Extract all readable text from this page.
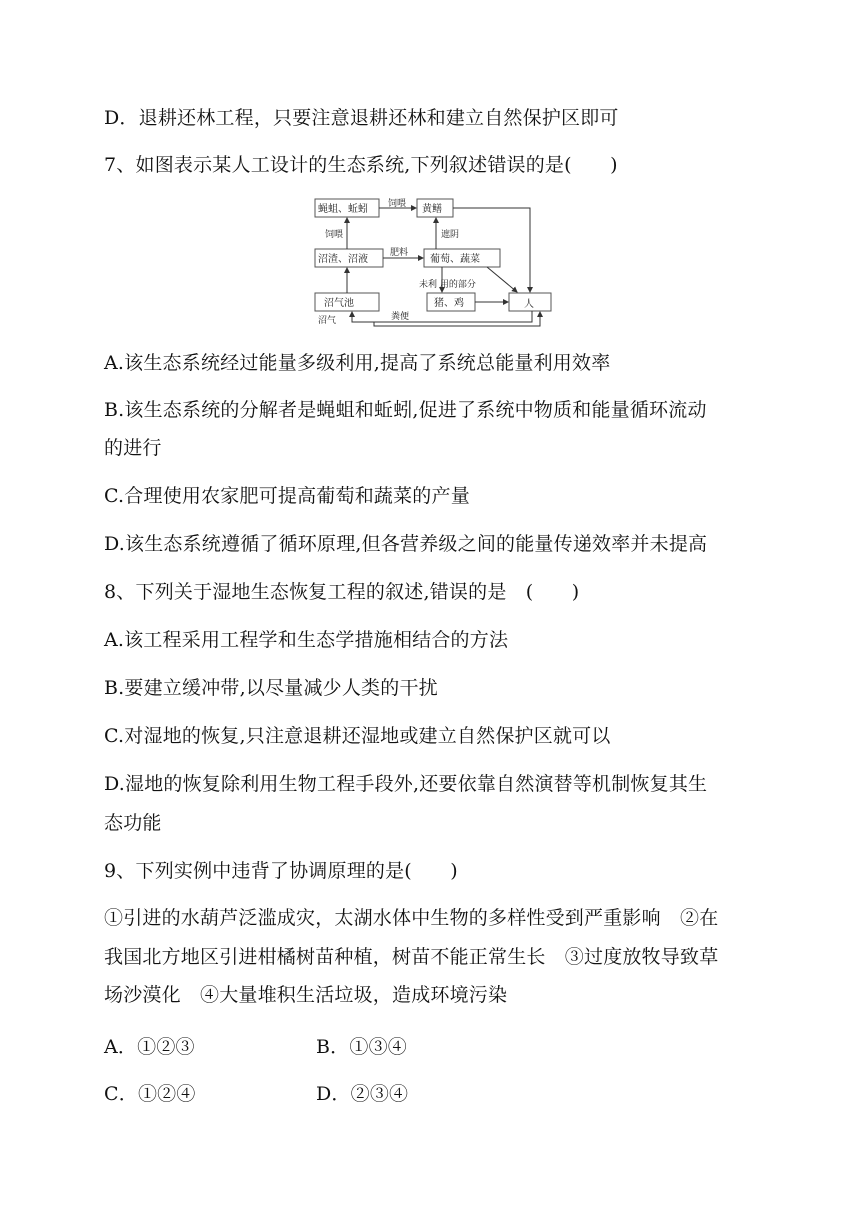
D．退耕还林工程，只要注意退耕还林和建立自然保护区即可
7、如图表示某人工设计的生态系统,下列叙述错误的是(　　)
蝇蛆、蚯蚓	黄鳝
沼渣、沼液	葡萄、蔬菜
沼气池	猪、鸡	人
饲喂
饲喂
肥料
遮阴
未利 用的部分
沼气	粪便
A.该生态系统经过能量多级利用,提高了系统总能量利用效率
B.该生态系统的分解者是蝇蛆和蚯蚓,促进了系统中物质和能量循环流动
的进行
C.合理使用农家肥可提高葡萄和蔬菜的产量
D.该生态系统遵循了循环原理,但各营养级之间的能量传递效率并未提高
8、下列关于湿地生态恢复工程的叙述,错误的是　(　　)
A.该工程采用工程学和生态学措施相结合的方法
B.要建立缓冲带,以尽量减少人类的干扰
C.对湿地的恢复,只注意退耕还湿地或建立自然保护区就可以
D.湿地的恢复除利用生物工程手段外,还要依靠自然演替等机制恢复其生
态功能
9、下列实例中违背了协调原理的是(　　)
①引进的水葫芦泛滥成灾，太湖水体中生物的多样性受到严重影响　②在
我国北方地区引进柑橘树苗种植，树苗不能正常生长　③过度放牧导致草
场沙漠化　④大量堆积生活垃圾，造成环境污染
A．①②③	B．①③④
C．①②④	D．②③④
